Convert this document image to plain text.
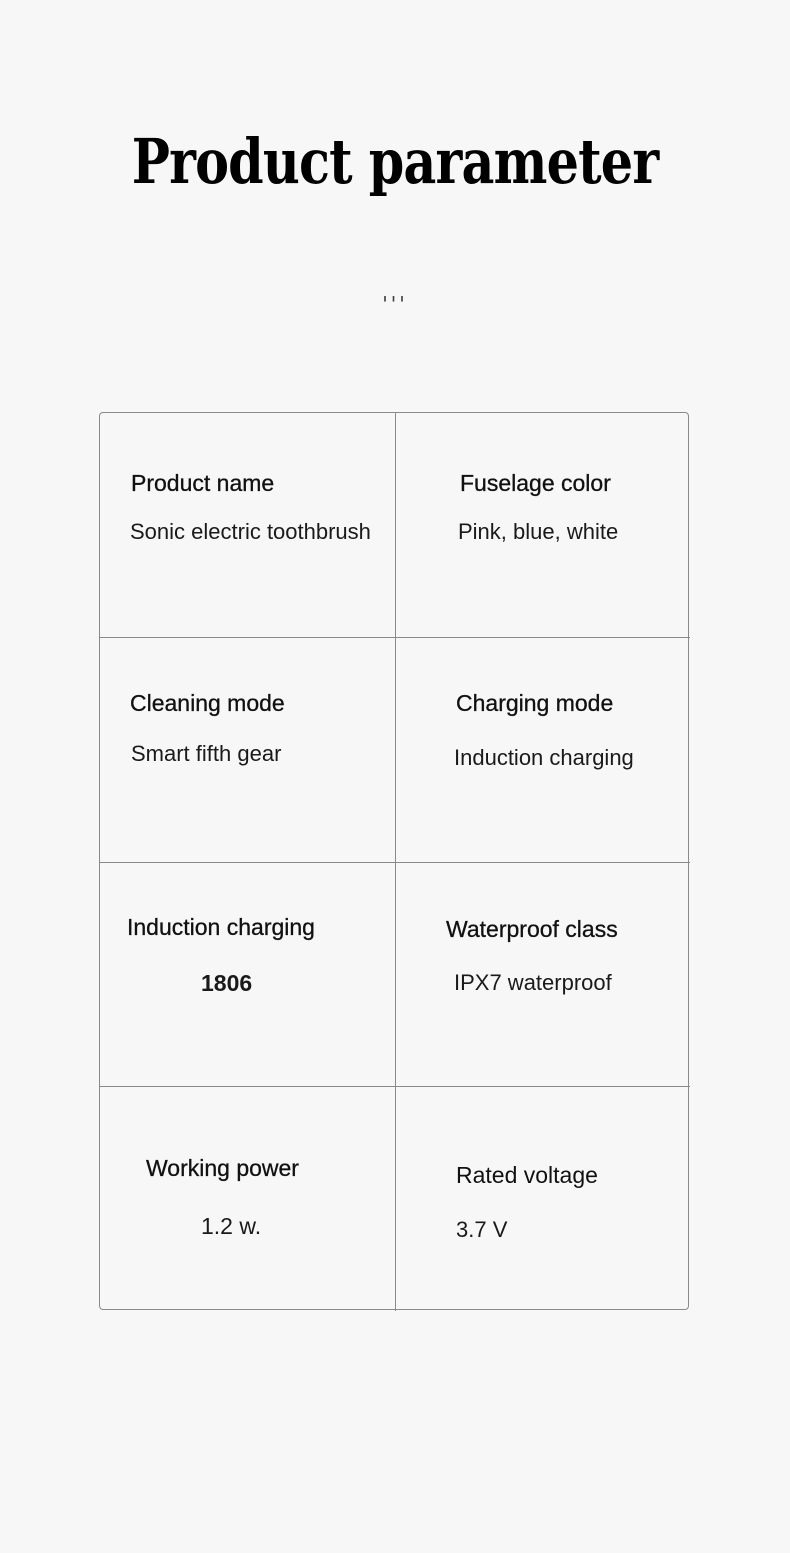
Product parameter
'''
Product name
Sonic electric toothbrush
Fuselage color
Pink, blue, white
Cleaning mode
Smart fifth gear
Charging mode
Induction charging
Induction charging
1806
Waterproof class
IPX7 waterproof
Working power
1.2 w.
Rated voltage
3.7 V
